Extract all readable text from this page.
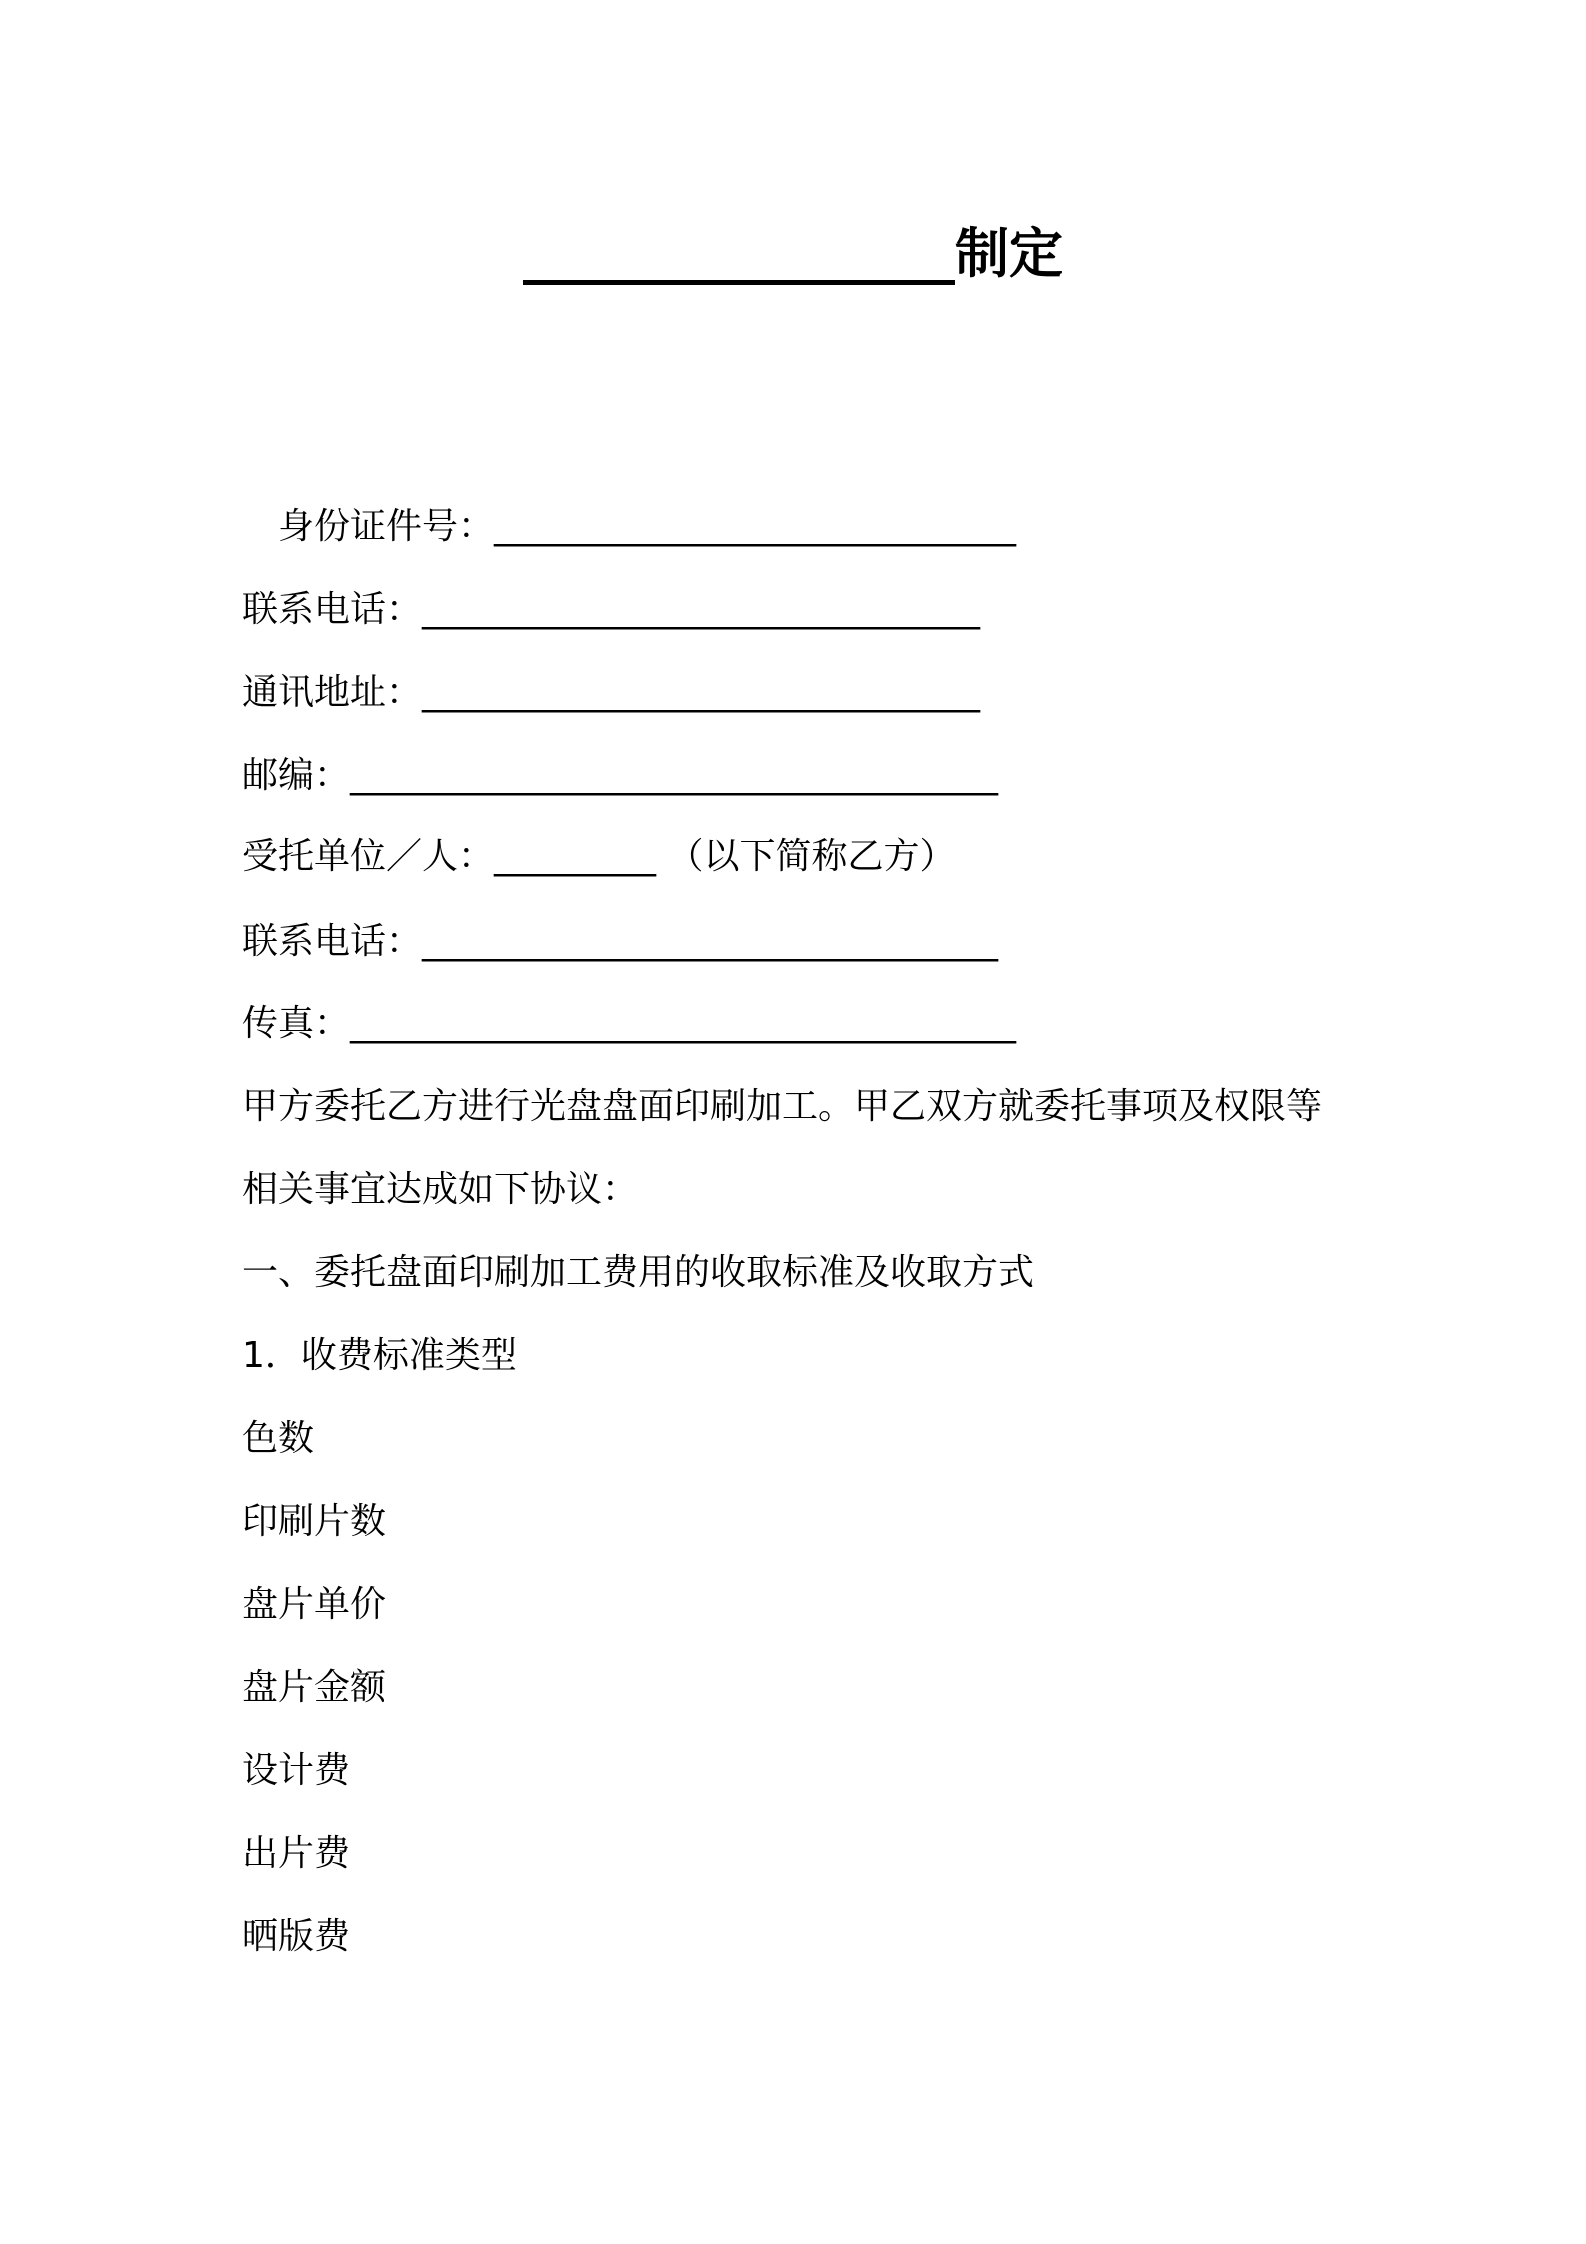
________________制定
身份证件号：_____________________________
联系电话：_______________________________
通讯地址：_______________________________
邮编：____________________________________
受托单位／人：_________ （以下简称乙方）
联系电话：________________________________
传真：_____________________________________
甲方委托乙方进行光盘盘面印刷加工。甲乙双方就委托事项及权限等
相关事宜达成如下协议：
一、委托盘面印刷加工费用的收取标准及收取方式
1．收费标准类型
色数
印刷片数
盘片单价
盘片金额
设计费
出片费
晒版费
